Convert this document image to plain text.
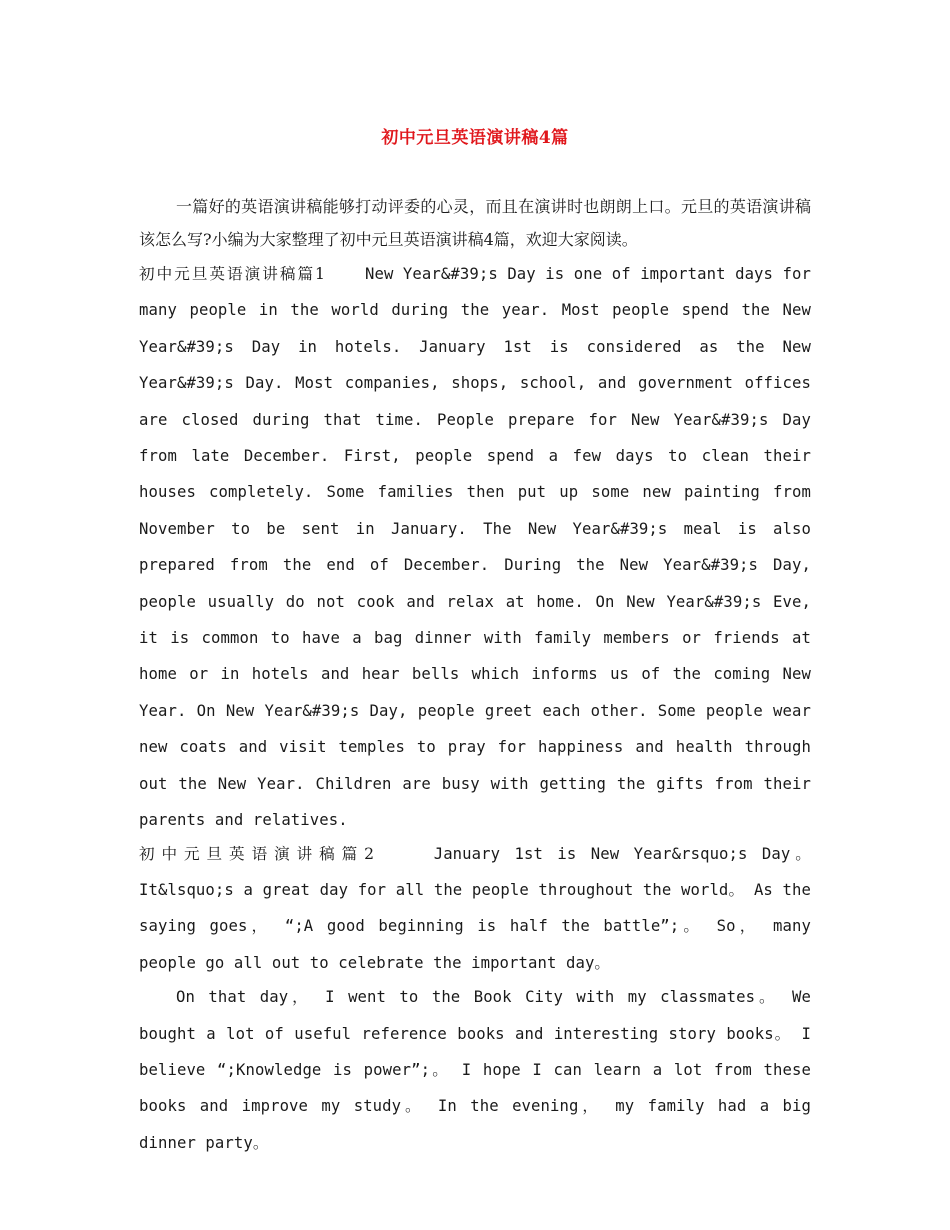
初中元旦英语演讲稿4篇

一篇好的英语演讲稿能够打动评委的心灵，而且在演讲时也朗朗上口。元旦的英语演讲稿该怎么写?小编为大家整理了初中元旦英语演讲稿4篇，欢迎大家阅读。

初中元旦英语演讲稿篇1 New Year&#39;s Day is one of important days for many people in the world during the year. Most people spend the New Year&#39;s Day in hotels. January 1st is considered as the New Year&#39;s Day. Most companies, shops, school, and government offices are closed during that time. People prepare for New Year&#39;s Day from late December. First, people spend a few days to clean their houses completely. Some families then put up some new painting from November to be sent in January. The New Year&#39;s meal is also prepared from the end of December. During the New Year&#39;s Day, people usually do not cook and relax at home. On New Year&#39;s Eve, it is common to have a bag dinner with family members or friends at home or in hotels and hear bells which informs us of the coming New Year. On New Year&#39;s Day, people greet each other. Some people wear new coats and visit temples to pray for happiness and health through out the New Year. Children are busy with getting the gifts from their parents and relatives.

初中元旦英语演讲稿篇2	January 1st is New Year&rsquo;s Day。 It&lsquo;s a great day for all the people throughout the world。 As the saying goes， “;A good beginning is half the battle”;。 So， many people go all out to celebrate the important day。

On that day， I went to the Book City with my classmates。 We bought a lot of useful reference books and interesting story books。 I believe “;Knowledge is power”;。 I hope I can learn a lot from these books and improve my study。 In the evening， my family had a big dinner party。
